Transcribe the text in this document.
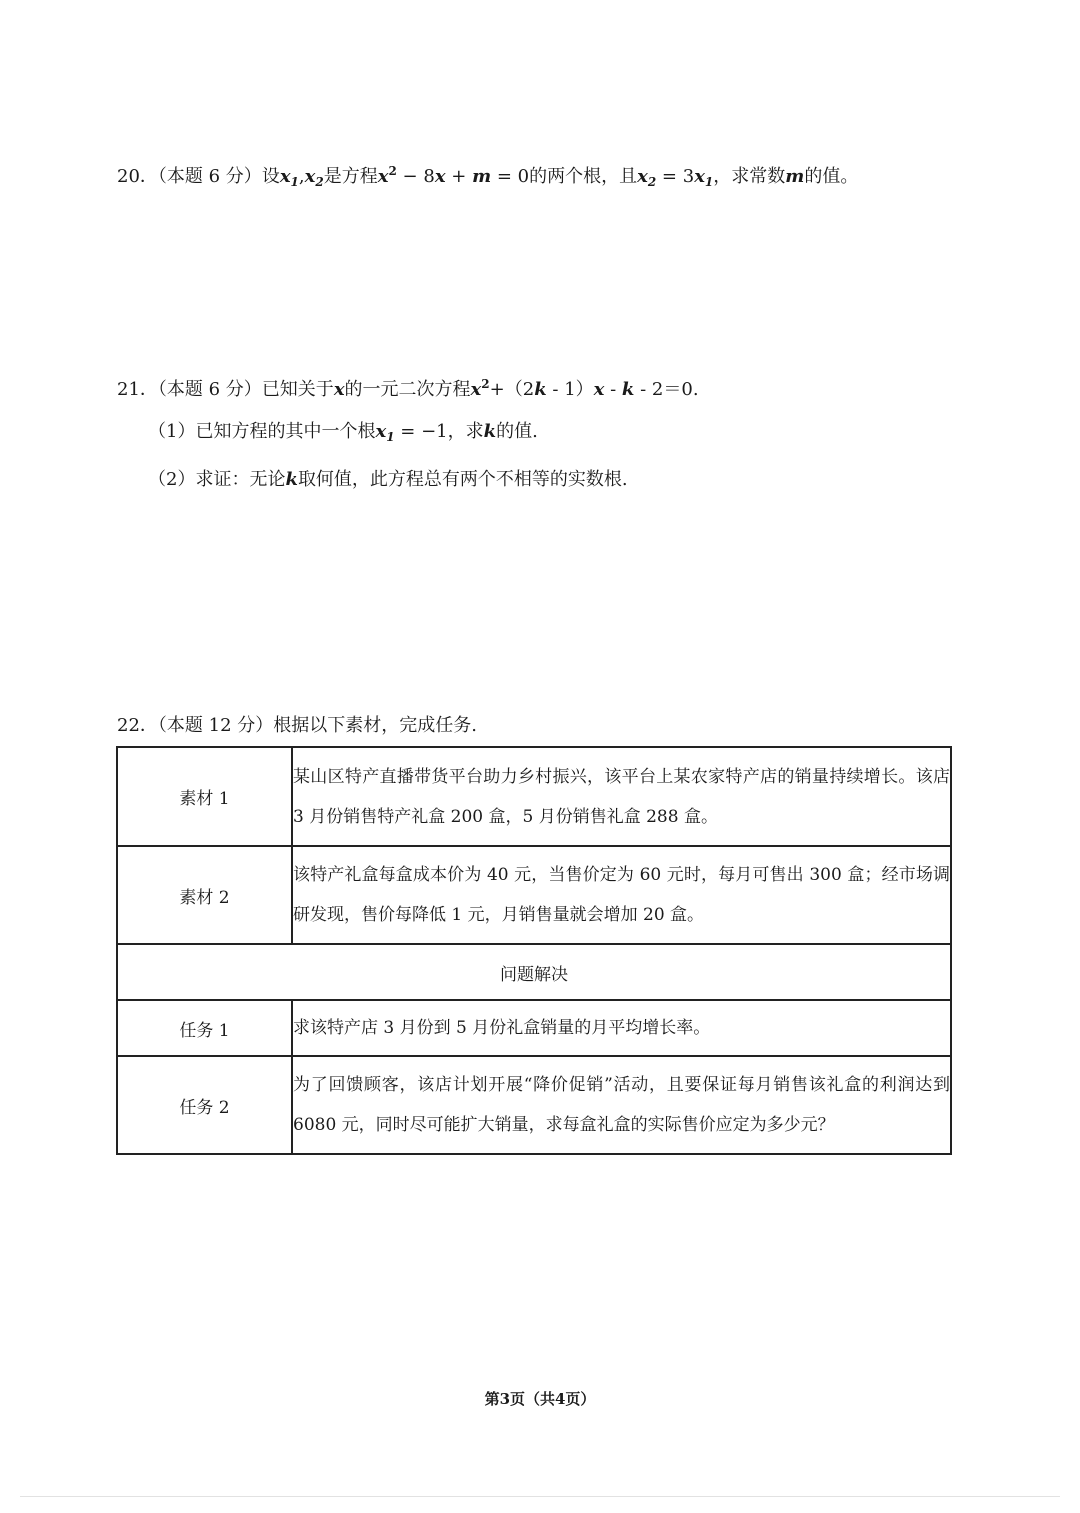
20．（本题 6 分）设$x_1,x_2$是方程$x^2 - 8x + m = 0$的两个根，且$x_2 = 3x_1$，求常数m的值。
21．（本题 6 分）已知关于x的一元二次方程$x^2+(2k - 1)x - k - 2=0$.
（1）已知方程的其中一个根$x_1 = -1$，求k的值.
（2）求证：无论k取何值，此方程总有两个不相等的实数根.
22．（本题 12 分）根据以下素材，完成任务.
素材 1	某山区特产直播带货平台助力乡村振兴，该平台上某农家特产店的销量持续增长。该店 3 月份销售特产礼盒 200 盒，5 月份销售礼盒 288 盒。
素材 2	该特产礼盒每盒成本价为 40 元，当售价定为 60 元时，每月可售出 300 盒；经市场调研发现，售价每降低 1 元，月销售量就会增加 20 盒。
问题解决	
任务 1	求该特产店 3 月份到 5 月份礼盒销量的月平均增长率。
任务 2	为了回馈顾客，该店计划开展“降价促销”活动，且要保证每月销售该礼盒的利润达到 6080 元，同时尽可能扩大销量，求每盒礼盒的实际售价应定为多少元？
第3页（共4页）
